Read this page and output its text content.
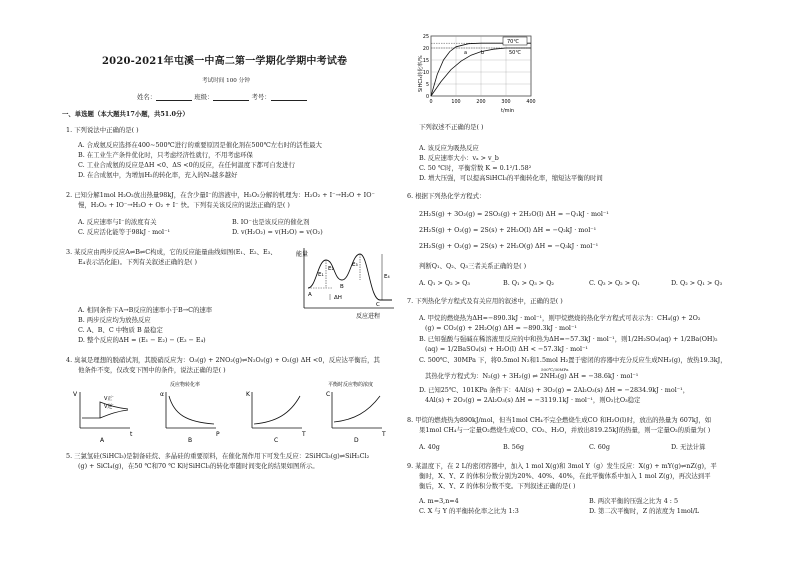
2020-2021年屯溪一中高二第一学期化学期中考试卷
考试时间 100 分钟
姓名：	班级：	考号：
一、单选题（本大题共17小题，共51.0分）
1. 下列说法中正确的是( )
A. 合成氨反应选择在400∼500℃进行的重要原因是催化剂在500℃左右时的活性最大
B. 在工业生产条件优化时，只考虑经济性就行，不用考虑环保
C. 工业合成氨的反应是ΔH <0、ΔS <0的反应，在任何温度下都可自发进行
D. 在合成氨中，为增加H₂的转化率，充入的N₂越多越好
2. 已知分解1mol H₂O₂放出热量98kJ，在含少量I⁻的溶液中，H₂O₂分解的机理为：H₂O₂ + I⁻→H₂O + IO⁻
慢，H₂O₂ + IO⁻→H₂O + O₂ + I⁻ 快。下列有关该反应的说法正确的是( )
A. 反应速率与I⁻的浓度有关	B. IO⁻也是该反应的催化剂
C. 反应活化能等于98kJ · mol⁻¹	D. v(H₂O₂) = v(H₂O) = v(O₂)
3. 某反应由两步反应A⇌B⇌C构成，它的反应能量曲线如图(E₁、E₂、E₃、
E₄表示活化能)。下列有关叙述正确的是( )
能量
反应进程
E₁
E₂
E₃
E₄
A
B
C
ΔH
A. 相同条件下A→B反应的速率小于B→C的速率
B. 两步反应均为放热反应
C. A、B、C 中物质 B 最稳定
D. 整个反应的ΔH = (E₁ − E₂) − (E₃ − E₄)
4. 臭氧是理想的脱硝试剂，其脱硝反应为：O₃(g) + 2NO₂(g)⇌N₂O₅(g) + O₂(g) ΔH <0，反应达平衡后，其
他条件不变，仅改变下图中的条件，说法正确的是( )
V
t
V正′
V逆′
A
反应物转化率
α
P
B
K
T
C
平衡时反应物的浓度
C
T
D
5. 三氯氢硅(SiHCl₃)是制备硅烷、多晶硅的重要原料，在催化剂作用下可发生反应：2SiHCl₃(g)⇌SiH₂Cl₂
(g) + SiCl₄(g)，在50 ℃和70 ℃ K时SiHCl₃的转化率随时间变化的结果如图所示。
0
5
10
15
20
25
0	100	200	300	400
SiHCl₃转化率/%
t/min
70℃
50℃
a	b
下列叙述不正确的是( )
A. 该反应为吸热反应
B. 反应速率大小：vₐ > v_b
C. 50 ℃时，平衡常数 K = 0.1²/1.58²
D. 增大压强，可以提高SiHCl₃的平衡转化率，缩短达平衡的时间
6. 根据下列热化学方程式：
2H₂S(g) + 3O₂(g) = 2SO₂(g) + 2H₂O(l) ΔH = −Q₁kJ · mol⁻¹
2H₂S(g) + O₂(g) = 2S(s) + 2H₂O(l) ΔH = −Q₂kJ · mol⁻¹
2H₂S(g) + O₂(g) = 2S(s) + 2H₂O(g) ΔH = −Q₃kJ · mol⁻¹
判断Q₁、Q₂、Q₃三者关系正确的是( )
A. Q₁ > Q₂ > Q₃	B. Q₁ > Q₃ > Q₂	C. Q₃ > Q₂ > Q₁	D. Q₂ > Q₁ > Q₃
7. 下列热化学方程式及有关应用的叙述中，正确的是( )
A. 甲烷的燃烧热为ΔH=−890.3kJ · mol⁻¹，则甲烷燃烧的热化学方程式可表示为：CH₄(g) + 2O₂
(g) = CO₂(g) + 2H₂O(g) ΔH = −890.3kJ · mol⁻¹
B. 已知强酸与强碱在稀溶液里反应的中和热为ΔH=−57.3kJ · mol⁻¹，则1/2H₂SO₄(aq) + 1/2Ba(OH)₂
(aq) = 1/2BaSO₄(s) + H₂O(l) ΔH < −57.3kJ · mol⁻¹
C. 500℃、30MPa 下，将0.5mol N₂和1.5mol H₂置于密闭的容器中充分反应生成NH₃(g)，放热19.3kJ，
500℃/30MPa
其热化学方程式为：N₂(g) + 3H₂(g) ⇌ 2NH₃(g) ΔH = −38.6kJ · mol⁻¹
D. 已知25℃、101KPa 条件下：4Al(s) + 3O₂(g) = 2Al₂O₃(s) ΔH = −2834.9kJ · mol⁻¹，
4Al(s) + 2O₃(g) = 2Al₂O₃(s) ΔH = −3119.1kJ · mol⁻¹，则O₂比O₃稳定
8. 甲烷的燃烧热为890kJ/mol，但当1mol CH₄不完全燃烧生成CO 和H₂O(l)时，放出的热量为 607kJ，如
果1mol CH₄与一定量O₂燃烧生成CO、CO₂、H₂O，并放出819.25kJ的热量，则一定量O₂的质量为( )
A. 40g	B. 56g	C. 60g	D. 无法计算
9. 某温度下，在 2 L的密闭容器中，加入 1 mol X(g)和 3mol Y（g）发生反应：X(g) + mY(g)⇌nZ(g)，平
衡时，X、Y、Z 的体积分数分别为20%、40%、40%，在此平衡体系中加入 1 mol Z(g)，再次达到平
衡后，X、Y、Z 的体积分数不变。下列叙述正确的是( )
A. m=3,n=4	B. 两次平衡的压强之比为 4 : 5
C. X 与 Y 的平衡转化率之比为 1:3	D. 第二次平衡时，Z 的浓度为 1mol/L
